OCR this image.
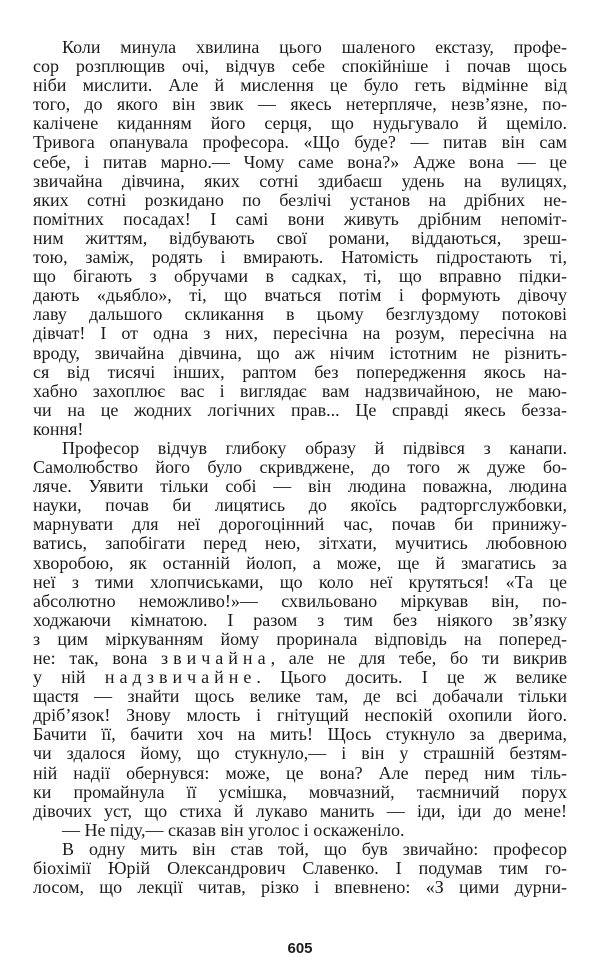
Коли минула хвилина цього шаленого екстазу, профе-
сор розплющив очі, відчув себе спокійніше і почав щось
ніби мислити. Але й мислення це було геть відмінне від
того, до якого він звик — якесь нетерпляче, незв’язне, по-
калічене киданням його серця, що нудьгувало й щеміло.
Тривога опанувала професора. «Що буде? — питав він сам
себе, і питав марно.— Чому саме вона?» Адже вона — це
звичайна дівчина, яких сотні здибаєш удень на вулицях,
яких сотні розкидано по безлічі установ на дрібних не-
помітних посадах! І самі вони живуть дрібним непоміт-
ним життям, відбувають свої романи, віддаються, зреш-
тою, заміж, родять і вмирають. Натомість підростають ті,
що бігають з обручами в садках, ті, що вправно підки-
дають «дьябло», ті, що вчаться потім і формують дівочу
лаву дальшого скликання в цьому безглуздому потокові
дівчат! І от одна з них, пересічна на розум, пересічна на
вроду, звичайна дівчина, що аж нічим істотним не різнить-
ся від тисячі інших, раптом без попередження якось на-
хабно захоплює вас і виглядає вам надзвичайною, не маю-
чи на це жодних логічних прав... Це справді якесь безза-
коння!
Професор відчув глибоку образу й підвівся з канапи.
Самолюбство його було скривджене, до того ж дуже бо-
ляче. Уявити тільки собі — він людина поважна, людина
науки, почав би лицятись до якоїсь радторгслужбовки,
марнувати для неї дорогоцінний час, почав би принижу-
ватись, запобігати перед нею, зітхати, мучитись любовною
хворобою, як останній йолоп, а може, ще й змагатись за
неї з тими хлопчиськами, що коло неї крутяться! «Та це
абсолютно неможливо!»— схвильовано міркував він, по-
ходжаючи кімнатою. І разом з тим без ніякого зв’язку
з цим міркуванням йому проринала відповідь на поперед-
не: так, вона звичайна, але не для тебе, бо ти викрив
у ній надзвичайне. Цього досить. І це ж велике
щастя — знайти щось велике там, де всі добачали тільки
дріб’язок! Знову млость і гнітущий неспокій охопили його.
Бачити її, бачити хоч на мить! Щось стукнуло за дверима,
чи здалося йому, що стукнуло,— і він у страшній безтям-
ній надії обернувся: може, це вона? Але перед ним тіль-
ки промайнула її усмішка, мовчазний, таємничий порух
дівочих уст, що стиха й лукаво манить — іди, іди до мене!
— Не піду,— сказав він уголос і оскаженіло.
В одну мить він став той, що був звичайно: професор
біохімії Юрій Олександрович Славенко. І подумав тим го-
лосом, що лекції читав, різко і впевнено: «З цими дурни-
605
